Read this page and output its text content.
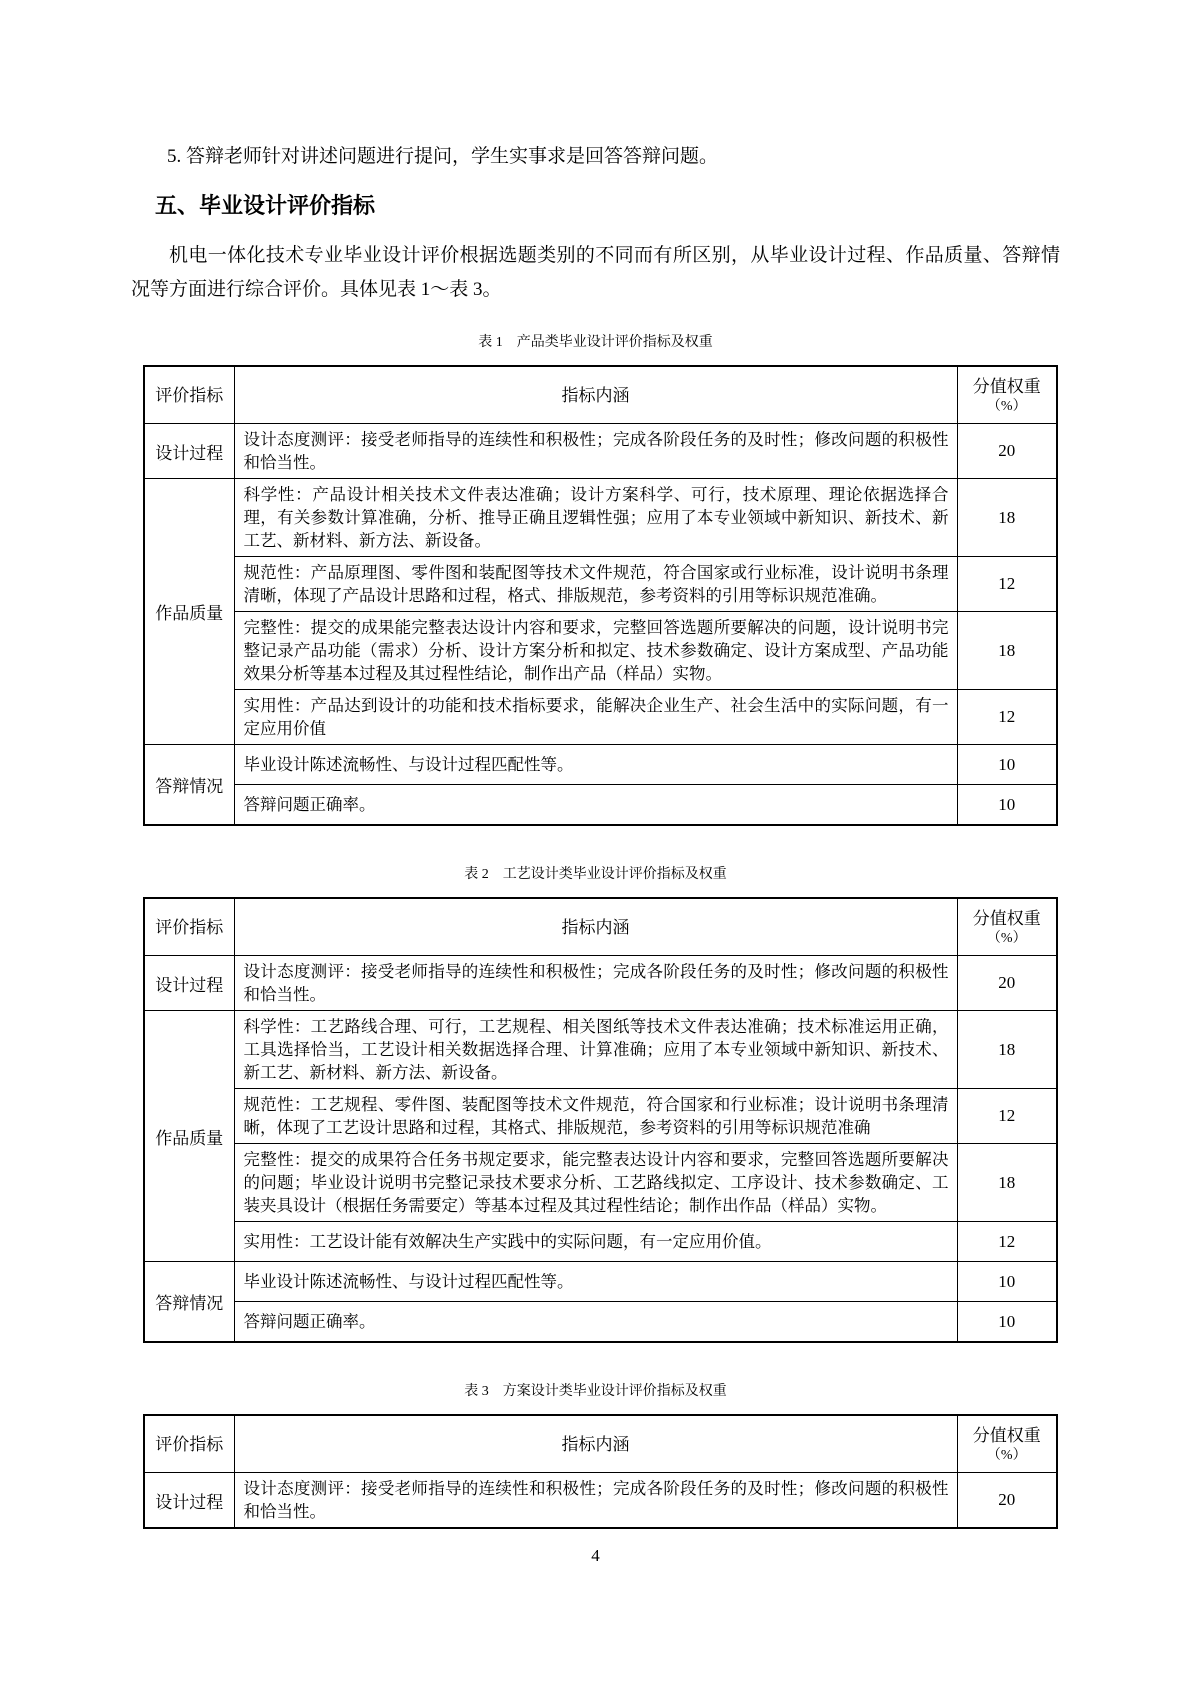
5. 答辩老师针对讲述问题进行提问，学生实事求是回答答辩问题。

五、毕业设计评价指标

机电一体化技术专业毕业设计评价根据选题类别的不同而有所区别，从毕业设计过程、作品质量、答辩情况等方面进行综合评价。具体见表 1～表 3。

表 1　产品类毕业设计评价指标及权重
评价指标	指标内涵	分值权重
（%）

设计过程	设计态度测评：接受老师指导的连续性和积极性；完成各阶段任务的及时性；修改问题的积极性和恰当性。	20
作品质量	科学性：产品设计相关技术文件表达准确；设计方案科学、可行，技术原理、理论依据选择合理，有关参数计算准确，分析、推导正确且逻辑性强；应用了本专业领域中新知识、新技术、新工艺、新材料、新方法、新设备。	18
	规范性：产品原理图、零件图和装配图等技术文件规范，符合国家或行业标准，设计说明书条理清晰，体现了产品设计思路和过程，格式、排版规范，参考资料的引用等标识规范准确。	12
	完整性：提交的成果能完整表达设计内容和要求，完整回答选题所要解决的问题，设计说明书完整记录产品功能（需求）分析、设计方案分析和拟定、技术参数确定、设计方案成型、产品功能效果分析等基本过程及其过程性结论，制作出产品（样品）实物。	18
	实用性：产品达到设计的功能和技术指标要求，能解决企业生产、社会生活中的实际问题，有一定应用价值	12
答辩情况	毕业设计陈述流畅性、与设计过程匹配性等。	10
	答辩问题正确率。	10
表 2　工艺设计类毕业设计评价指标及权重
评价指标	指标内涵	分值权重
（%）

设计过程	设计态度测评：接受老师指导的连续性和积极性；完成各阶段任务的及时性；修改问题的积极性和恰当性。	20
作品质量	科学性：工艺路线合理、可行，工艺规程、相关图纸等技术文件表达准确；技术标准运用正确，工具选择恰当，工艺设计相关数据选择合理、计算准确；应用了本专业领域中新知识、新技术、新工艺、新材料、新方法、新设备。	18
	规范性：工艺规程、零件图、装配图等技术文件规范，符合国家和行业标准；设计说明书条理清晰，体现了工艺设计思路和过程，其格式、排版规范，参考资料的引用等标识规范准确	12
	完整性：提交的成果符合任务书规定要求，能完整表达设计内容和要求，完整回答选题所要解决的问题；毕业设计说明书完整记录技术要求分析、工艺路线拟定、工序设计、技术参数确定、工装夹具设计（根据任务需要定）等基本过程及其过程性结论；制作出作品（样品）实物。	18
	实用性：工艺设计能有效解决生产实践中的实际问题，有一定应用价值。	12
答辩情况	毕业设计陈述流畅性、与设计过程匹配性等。	10
	答辩问题正确率。	10
表 3　方案设计类毕业设计评价指标及权重
评价指标	指标内涵	分值权重
（%）

设计过程	设计态度测评：接受老师指导的连续性和积极性；完成各阶段任务的及时性；修改问题的积极性和恰当性。	20
4
